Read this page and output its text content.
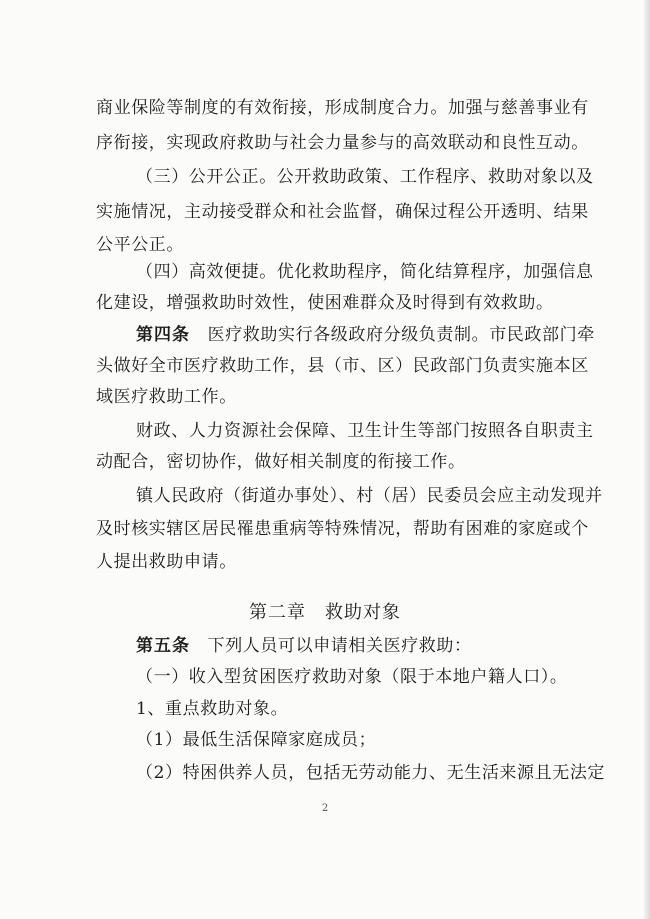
商业保险等制度的有效衔接，形成制度合力。加强与慈善事业有
序衔接，实现政府救助与社会力量参与的高效联动和良性互动。
（三）公开公正。公开救助政策、工作程序、救助对象以及
实施情况，主动接受群众和社会监督，确保过程公开透明、结果
公平公正。
（四）高效便捷。优化救助程序，简化结算程序，加强信息
化建设，增强救助时效性，使困难群众及时得到有效救助。
第四条　 医疗救助实行各级政府分级负责制。市民政部门牵
头做好全市医疗救助工作，县（市、区）民政部门负责实施本区
域医疗救助工作。
财政、人力资源社会保障、卫生计生等部门按照各自职责主
动配合，密切协作，做好相关制度的衔接工作。
镇人民政府（街道办事处）、村（居）民委员会应主动发现并
及时核实辖区居民罹患重病等特殊情况，帮助有困难的家庭或个
人提出救助申请。
第二章　救助对象
第五条　 下列人员可以申请相关医疗救助：
（一）收入型贫困医疗救助对象（限于本地户籍人口）。
1、重点救助对象。
（1）最低生活保障家庭成员；
（2）特困供养人员，包括无劳动能力、无生活来源且无法定
2
